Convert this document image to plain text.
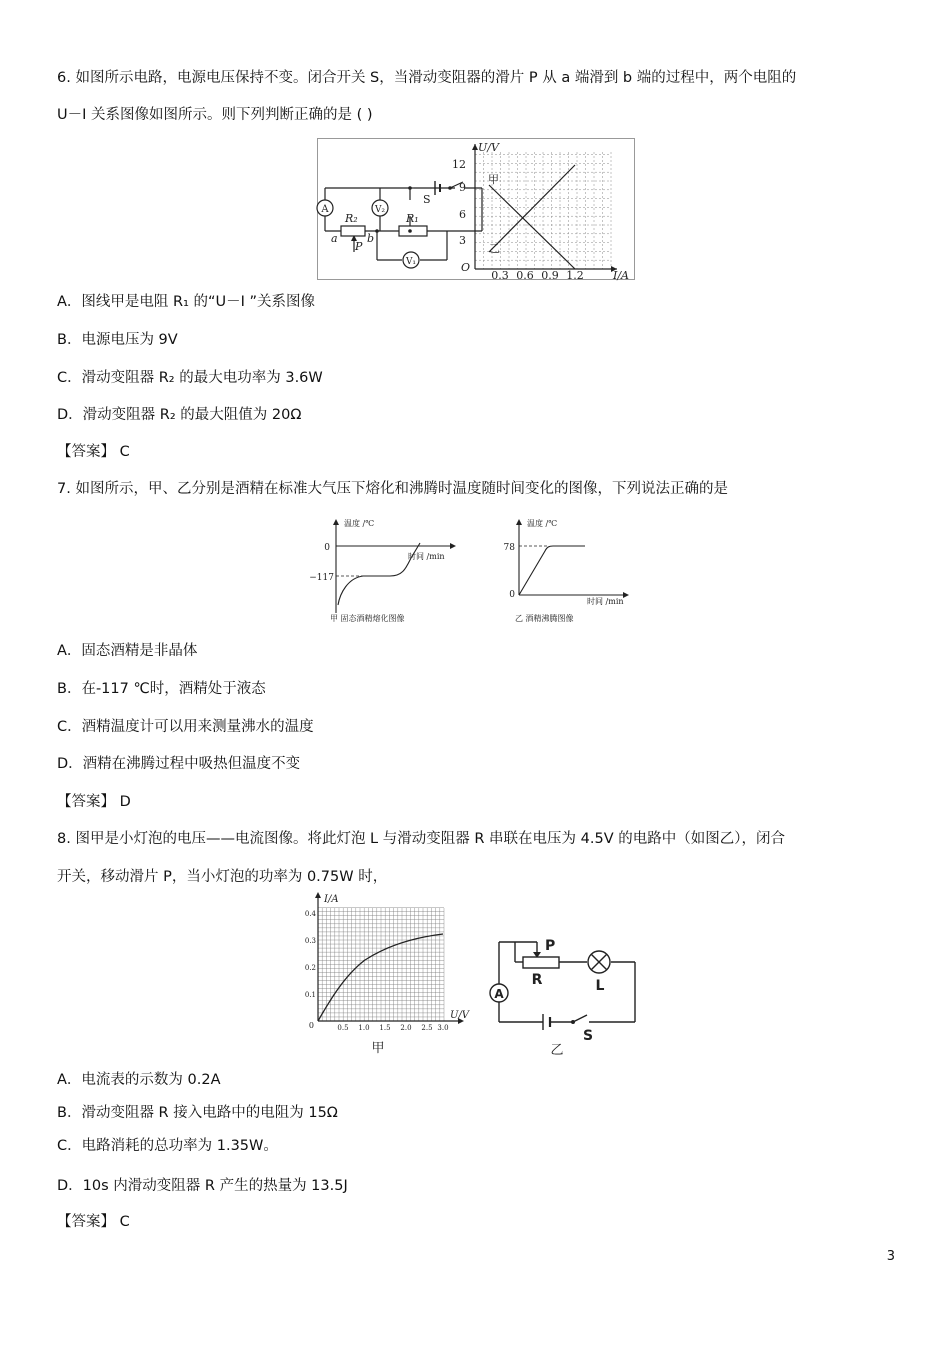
6. 如图所示电路，电源电压保持不变。闭合开关 S，当滑动变阻器的滑片 P 从 a 端滑到 b 端的过程中，两个电阻的
U－I 关系图像如图所示。则下列判断正确的是 ( )
A	V₂
V₁
R₂	R₁
S
a	b
P
U/V
I/A
O
3
6
9
12
0.3 0.6 0.9 1.2
甲
乙
A．图线甲是电阻 R₁ 的“U－I ”关系图像
B．电源电压为 9V
C．滑动变阻器 R₂ 的最大电功率为 3.6W
D．滑动变阻器 R₂ 的最大阻值为 20Ω
【答案】 C
7. 如图所示，甲、乙分别是酒精在标准大气压下熔化和沸腾时温度随时间变化的图像，下列说法正确的是
温度 /℃
时间 /min
0
−117
甲 固态酒精熔化图像
温度 /℃
时间 /min
78
0
乙 酒精沸腾图像
A．固态酒精是非晶体
B．在-117 ℃时，酒精处于液态
C．酒精温度计可以用来测量沸水的温度
D．酒精在沸腾过程中吸热但温度不变
【答案】 D
8. 图甲是小灯泡的电压——电流图像。将此灯泡 L 与滑动变阻器 R 串联在电压为 4.5V 的电路中（如图乙），闭合
开关，移动滑片 P，当小灯泡的功率为 0.75W 时，
I/A
U/V
0
0.1
0.2
0.3
0.4
0.5 1.0 1.5 2.0 2.5 3.0
甲
A
P
R	L
S
乙
A．电流表的示数为 0.2A
B．滑动变阻器 R 接入电路中的电阻为 15Ω
C．电路消耗的总功率为 1.35W。
D．10s 内滑动变阻器 R 产生的热量为 13.5J
【答案】 C
3
